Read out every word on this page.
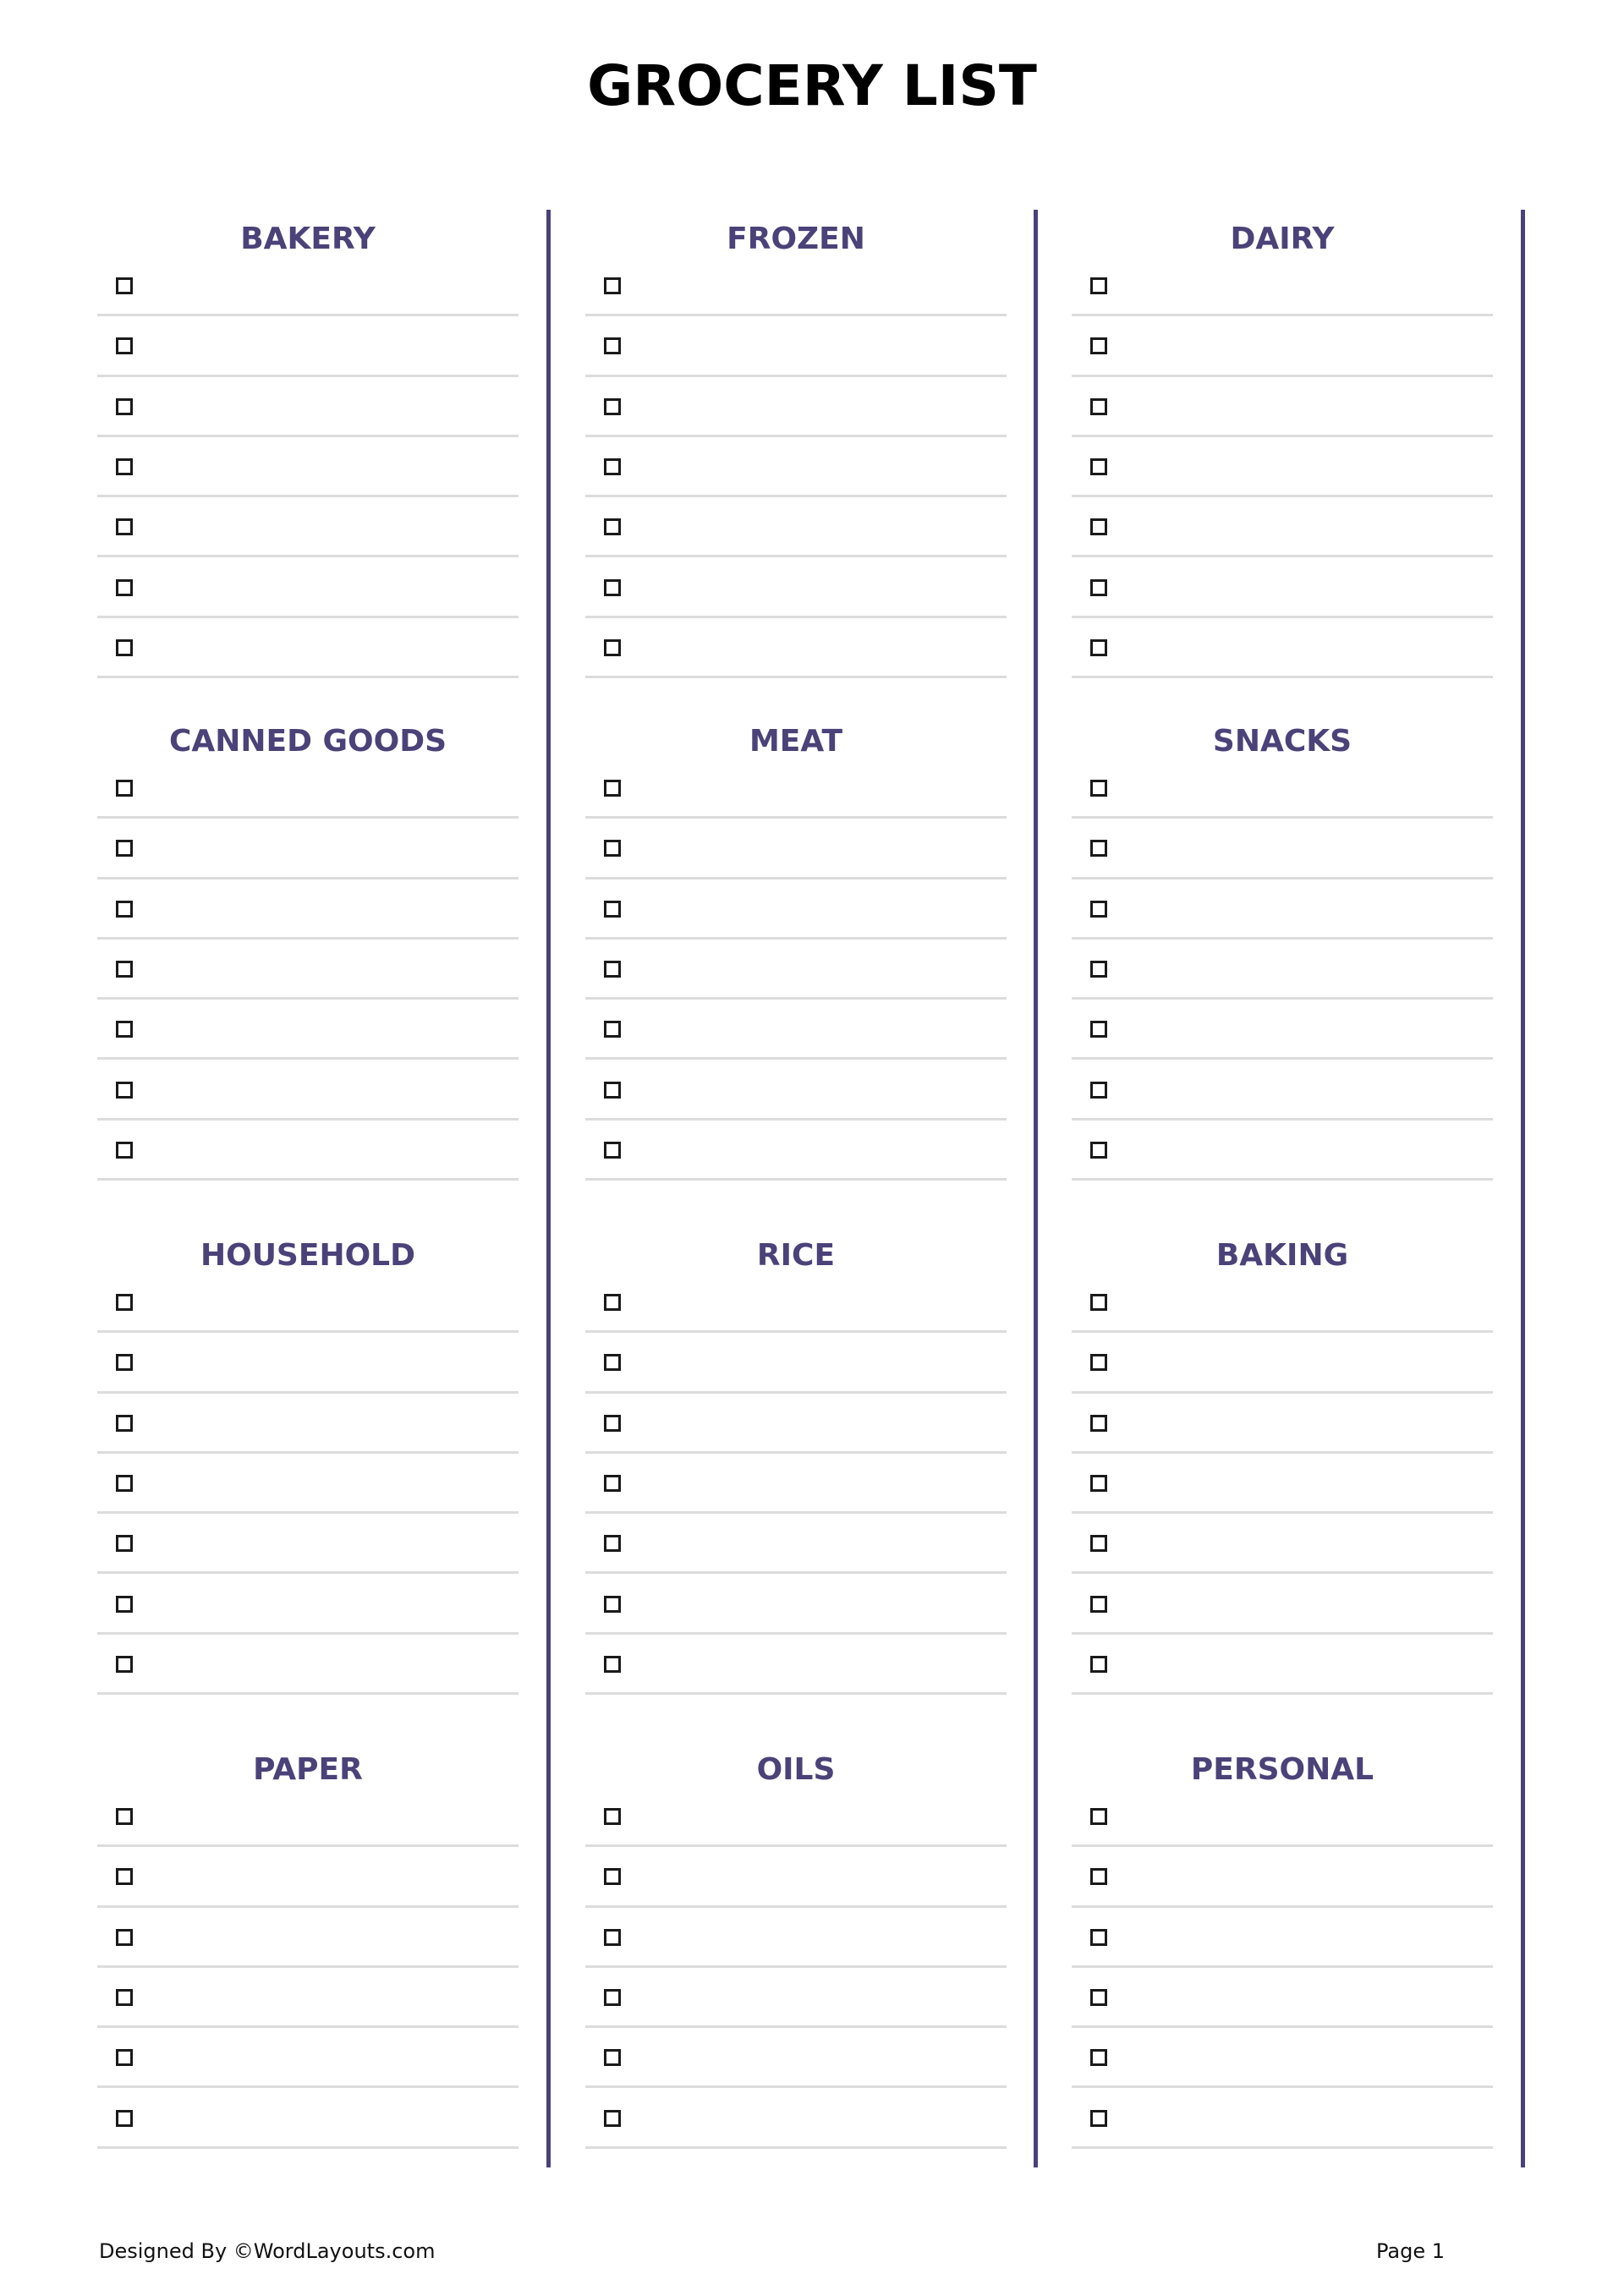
GROCERY LIST
BAKERY
CANNED GOODS
HOUSEHOLD
PAPER
FROZEN
MEAT
RICE
OILS
DAIRY
SNACKS
BAKING
PERSONAL
Designed By ©WordLayouts.com	Page 1
